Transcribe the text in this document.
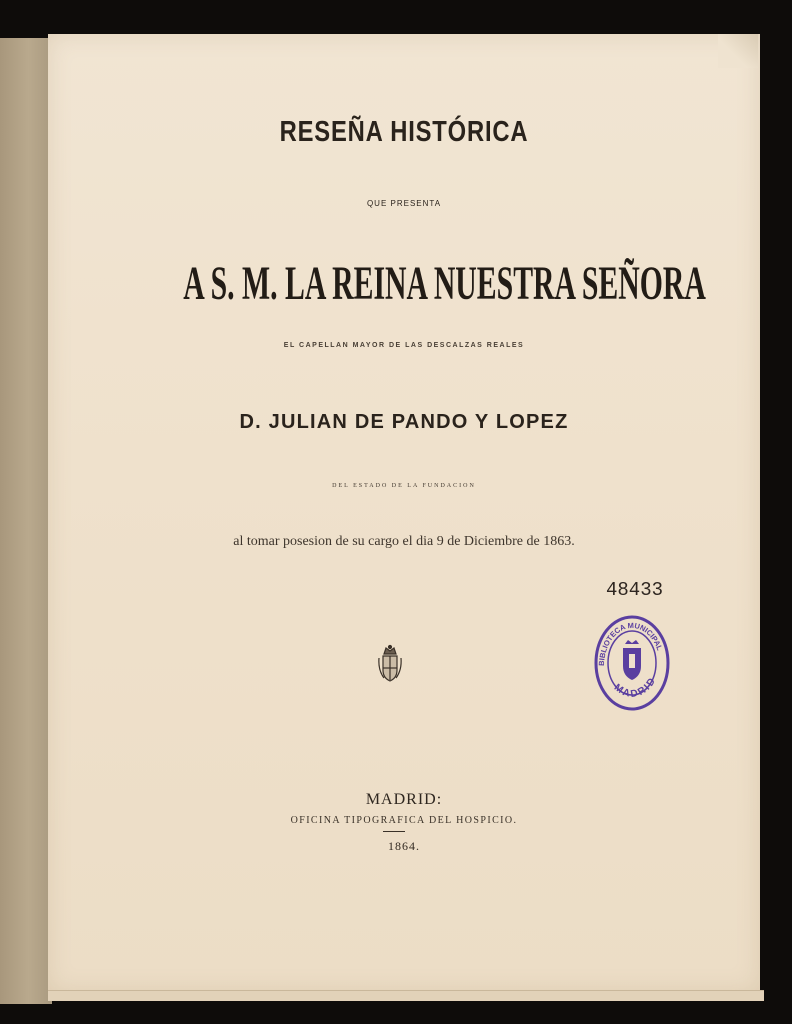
RESEÑA HISTÓRICA
QUE PRESENTA
A S. M. LA REINA NUESTRA SEÑORA
EL CAPELLAN MAYOR DE LAS DESCALZAS REALES
D. JULIAN DE PANDO Y LOPEZ
DEL ESTADO DE LA FUNDACION
al tomar posesion de su cargo el dia 9 de Diciembre de 1863.
48433
BIBLIOTECA MUNICIPAL
MADRID
MADRID:
OFICINA TIPOGRAFICA DEL HOSPICIO.
1864.
